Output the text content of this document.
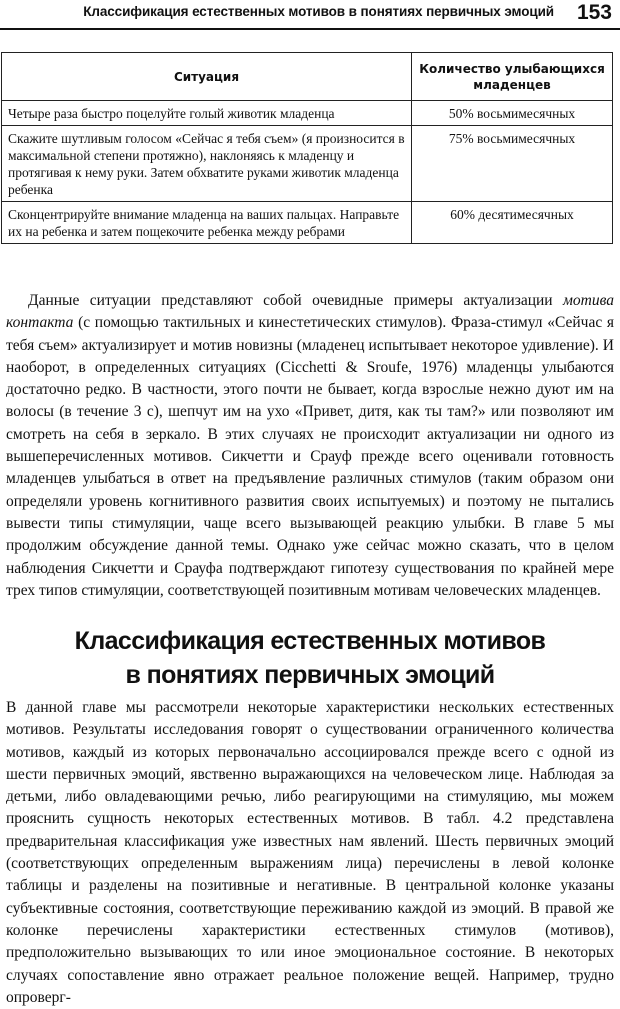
Классификация естественных мотивов в понятиях первичных эмоций 153
Ситуация	Количество улыбающихся младенцев
Четыре раза быстро поцелуйте голый животик младенца	50% восьмимесячных
Скажите шутливым голосом «Сейчас я тебя съем» (я произносится в максимальной степени протяжно), наклоняясь к младенцу и протягивая к нему руки. Затем обхватите руками животик младенца ребенка	75% восьмимесячных
Сконцентрируйте внимание младенца на ваших пальцах. Направьте их на ребенка и затем пощекочите ребенка между ребрами	60% десятимесячных

Данные ситуации представляют собой очевидные примеры актуализации мотива контакта (с помощью тактильных и кинестетических стимулов). Фраза-стимул «Сейчас я тебя съем» актуализирует и мотив новизны (младенец испытывает некоторое удивление). И наоборот, в определенных ситуациях (Cicchetti & Sroufe, 1976) младенцы улыбаются достаточно редко. В частности, этого почти не бывает, когда взрослые нежно дуют им на волосы (в течение 3 с), шепчут им на ухо «Привет, дитя, как ты там?» или позволяют им смотреть на себя в зеркало. В этих случаях не происходит актуализации ни одного из вышеперечисленных мотивов. Сикчетти и Срауф прежде всего оценивали готовность младенцев улыбаться в ответ на предъявление различных стимулов (таким образом они определяли уровень когнитивного развития своих испытуемых) и поэтому не пытались вывести типы стимуляции, чаще всего вызывающей реакцию улыбки. В главе 5 мы продолжим обсуждение данной темы. Однако уже сейчас можно сказать, что в целом наблюдения Сикчетти и Срауфа подтверждают гипотезу существования по крайней мере трех типов стимуляции, соответствующей позитивным мотивам человеческих младенцев.

Классификация естественных мотивов
в понятиях первичных эмоций

В данной главе мы рассмотрели некоторые характеристики нескольких естественных мотивов. Результаты исследования говорят о существовании ограниченного количества мотивов, каждый из которых первоначально ассоциировался прежде всего с одной из шести первичных эмоций, явственно выражающихся на человеческом лице. Наблюдая за детьми, либо овладевающими речью, либо реагирующими на стимуляцию, мы можем прояснить сущность некоторых естественных мотивов. В табл. 4.2 представлена предварительная классификация уже известных нам явлений. Шесть первичных эмоций (соответствующих определенным выражениям лица) перечислены в левой колонке таблицы и разделены на позитивные и негативные. В центральной колонке указаны субъективные состояния, соответствующие переживанию каждой из эмоций. В правой же колонке перечислены характеристики естественных стимулов (мотивов), предположительно вызывающих то или иное эмоциональное состояние. В некоторых случаях сопоставление явно отражает реальное положение вещей. Например, трудно опроверг-
